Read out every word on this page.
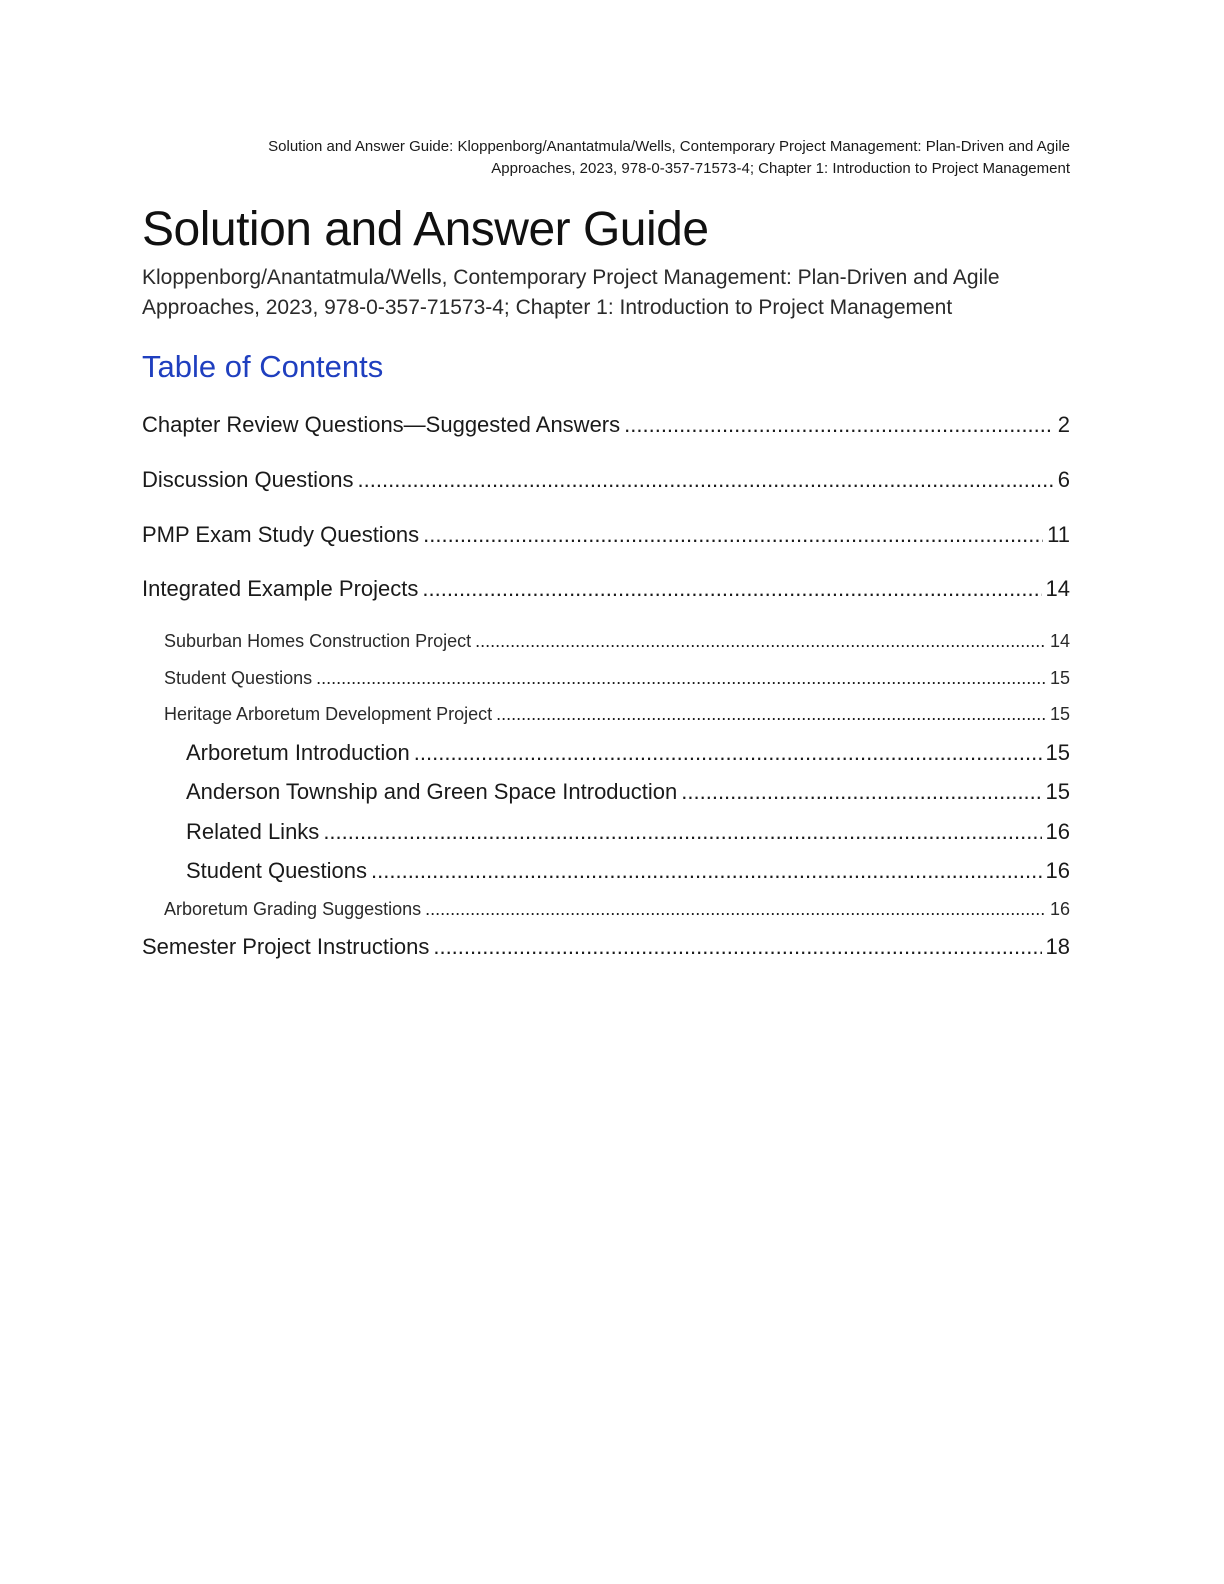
Solution and Answer Guide: Kloppenborg/Anantatmula/Wells, Contemporary Project Management: Plan-Driven and Agile
Approaches, 2023, 978-0-357-71573-4; Chapter 1: Introduction to Project Management
Solution and Answer Guide
Kloppenborg/Anantatmula/Wells, Contemporary Project Management: Plan-Driven and Agile
Approaches, 2023, 978-0-357-71573-4; Chapter 1: Introduction to Project Management
Table of Contents
Chapter Review Questions—Suggested Answers .....	2
Discussion Questions .....	6
PMP Exam Study Questions .....	11
Integrated Example Projects .....	14
Suburban Homes Construction Project .....	14
Student Questions .....	15
Heritage Arboretum Development Project .....	15
Arboretum Introduction .....	15
Anderson Township and Green Space Introduction .....	15
Related Links .....	16
Student Questions .....	16
Arboretum Grading Suggestions .....	16
Semester Project Instructions .....	18
